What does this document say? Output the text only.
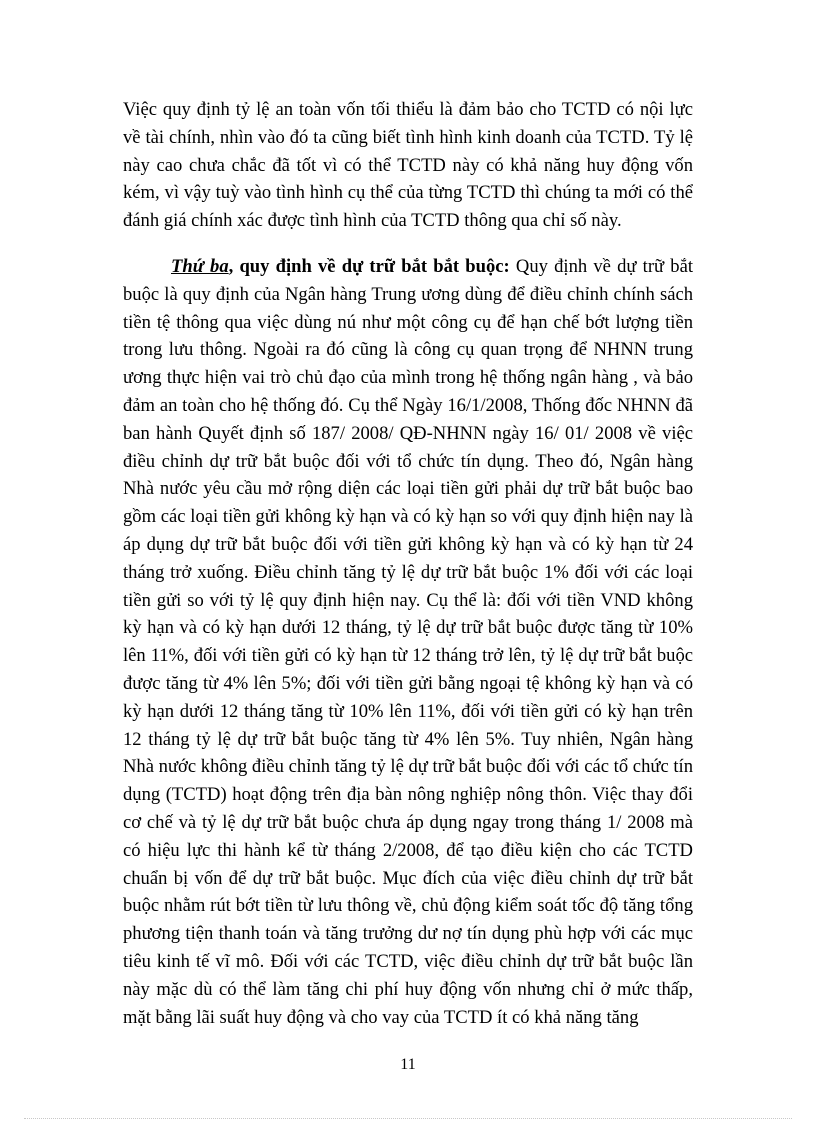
Việc quy định tỷ lệ an toàn vốn tối thiểu là đảm bảo cho TCTD có nội lực về tài chính, nhìn vào đó ta cũng biết tình hình kinh doanh của TCTD. Tỷ lệ này cao chưa chắc đã tốt vì có thể TCTD này có khả năng huy động vốn kém, vì vậy tuỳ vào tình hình cụ thể của từng TCTD thì chúng ta mới có thể đánh giá chính xác được tình hình của TCTD thông qua chỉ số này.

Thứ ba, quy định về dự trữ bắt bắt buộc: Quy định về dự trữ bắt buộc là quy định của Ngân hàng Trung ương dùng để điều chỉnh chính sách tiền tệ thông qua việc dùng nú như một công cụ để hạn chế bớt lượng tiền trong lưu thông. Ngoài ra đó cũng là công cụ quan trọng để NHNN trung ương thực hiện vai trò chủ đạo của mình trong hệ thống ngân hàng , và bảo đảm an toàn cho hệ thống đó. Cụ thể Ngày 16/1/2008, Thống đốc NHNN đã ban hành Quyết định số 187/ 2008/ QĐ-NHNN ngày 16/ 01/ 2008 về việc điều chỉnh dự trữ bắt buộc đối với tổ chức tín dụng. Theo đó, Ngân hàng Nhà nước yêu cầu mở rộng diện các loại tiền gửi phải dự trữ bắt buộc bao gồm các loại tiền gửi không kỳ hạn và có kỳ hạn so với quy định hiện nay là áp dụng dự trữ bắt buộc đối với tiền gửi không kỳ hạn và có kỳ hạn từ 24 tháng trở xuống. Điều chỉnh tăng tỷ lệ dự trữ bắt buộc 1% đối với các loại tiền gửi so với tỷ lệ quy định hiện nay. Cụ thể là: đối với tiền VND không kỳ hạn và có kỳ hạn dưới 12 tháng, tỷ lệ dự trữ bắt buộc được tăng từ 10% lên 11%, đối với tiền gửi có kỳ hạn từ 12 tháng trở lên, tỷ lệ dự trữ bắt buộc được tăng từ 4% lên 5%; đối với tiền gửi bằng ngoại tệ không kỳ hạn và có kỳ hạn dưới 12 tháng tăng từ 10% lên 11%, đối với tiền gửi có kỳ hạn trên 12 tháng tỷ lệ dự trữ bắt buộc tăng từ 4% lên 5%. Tuy nhiên, Ngân hàng Nhà nước không điều chỉnh tăng tỷ lệ dự trữ bắt buộc đối với các tổ chức tín dụng (TCTD) hoạt động trên địa bàn nông nghiệp nông thôn. Việc thay đổi cơ chế và tỷ lệ dự trữ bắt buộc chưa áp dụng ngay trong tháng 1/ 2008 mà có hiệu lực thi hành kể từ tháng 2/2008, để tạo điều kiện cho các TCTD chuẩn bị vốn để dự trữ bắt buộc. Mục đích của việc điều chỉnh dự trữ bắt buộc nhằm rút bớt tiền từ lưu thông về, chủ động kiểm soát tốc độ tăng tổng phương tiện thanh toán và tăng trưởng dư nợ tín dụng phù hợp với các mục tiêu kinh tế vĩ mô. Đối với các TCTD, việc điều chỉnh dự trữ bắt buộc lần này mặc dù có thể làm tăng chi phí huy động vốn nhưng chỉ ở mức thấp, mặt bằng lãi suất huy động và cho vay của TCTD ít có khả năng tăng

11
